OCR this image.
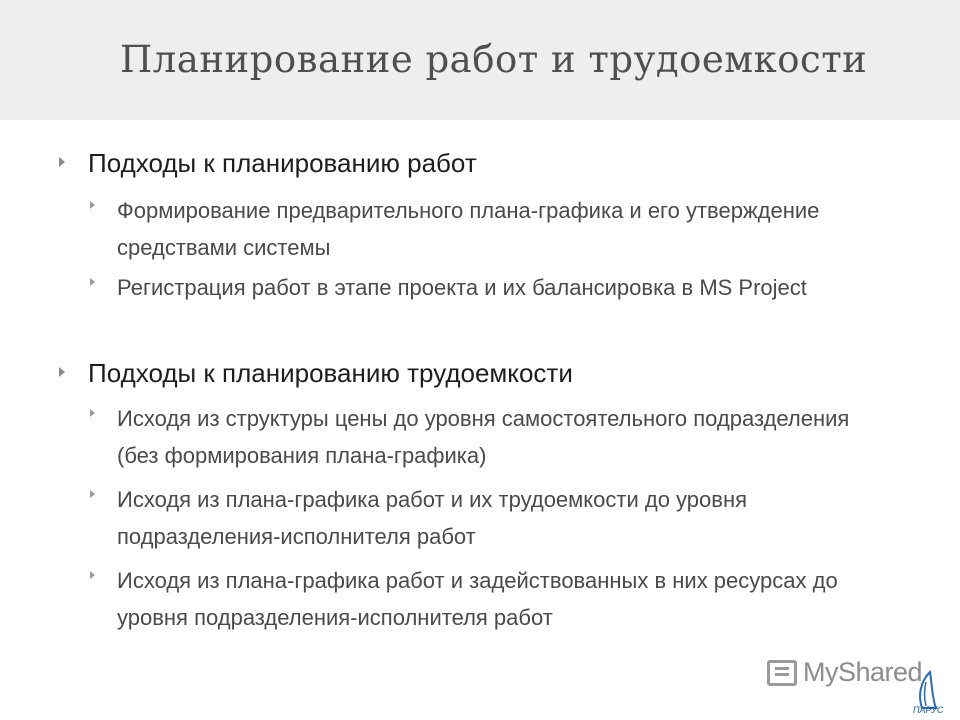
Планирование работ и трудоемкости
Подходы к планированию работ
Формирование предварительного плана-графика и его утверждение средствами системы
Регистрация работ в этапе проекта и их балансировка в MS Project
Подходы к планированию трудоемкости
Исходя из структуры цены до уровня самостоятельного подразделения (без формирования плана-графика)
Исходя из плана-графика работ и их трудоемкости до уровня подразделения-исполнителя работ
Исходя из плана-графика работ и задействованных в них ресурсах до уровня подразделения-исполнителя работ
MyShared
ПАРУС
